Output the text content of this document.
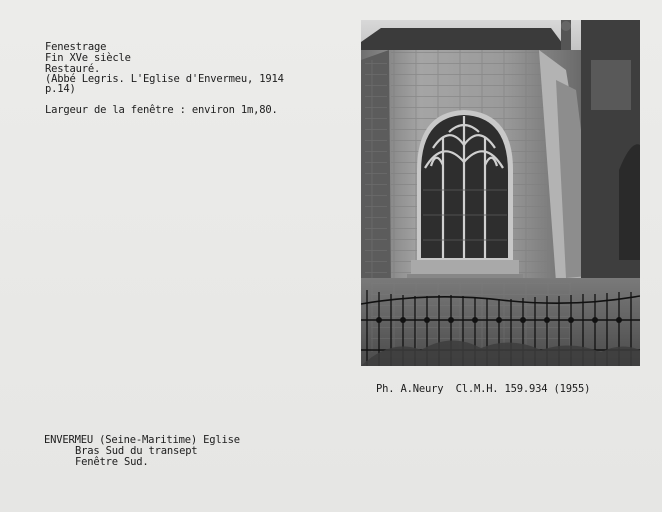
Fenestrage
Fin XVe siècle
Restauré.
(Abbé Legris. L'Eglise d'Envermeu, 1914
p.14)
Largeur de la fenêtre : environ 1m,80.
Ph. A.Neury  Cl.M.H. 159.934 (1955)
ENVERMEU (Seine-Maritime) Eglise
Bras Sud du transept
Fenêtre Sud.
